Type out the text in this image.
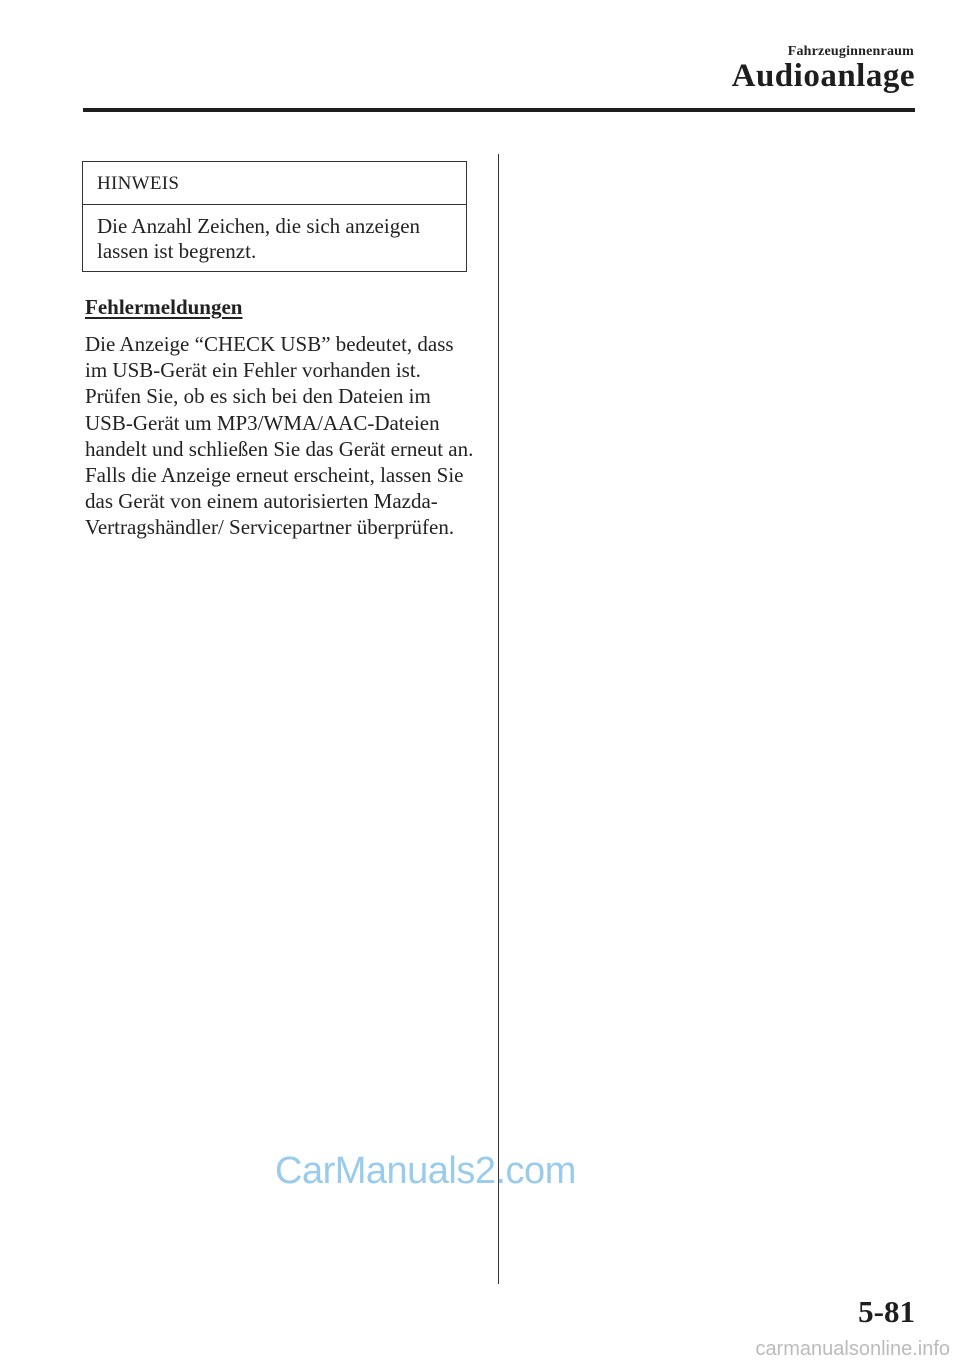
Fahrzeuginnenraum
Audioanlage
HINWEIS
Die Anzahl Zeichen, die sich anzeigen lassen ist begrenzt.
Fehlermeldungen
Die Anzeige “CHECK USB” bedeutet, dass im USB-Gerät ein Fehler vorhanden ist. Prüfen Sie, ob es sich bei den Dateien im USB-Gerät um MP3/WMA/AAC-Dateien handelt und schließen Sie das Gerät erneut an. Falls die Anzeige erneut erscheint, lassen Sie das Gerät von einem autorisierten Mazda-Vertragshändler/ Servicepartner überprüfen.
CarManuals2.com
5-81
carmanualsonline.info
